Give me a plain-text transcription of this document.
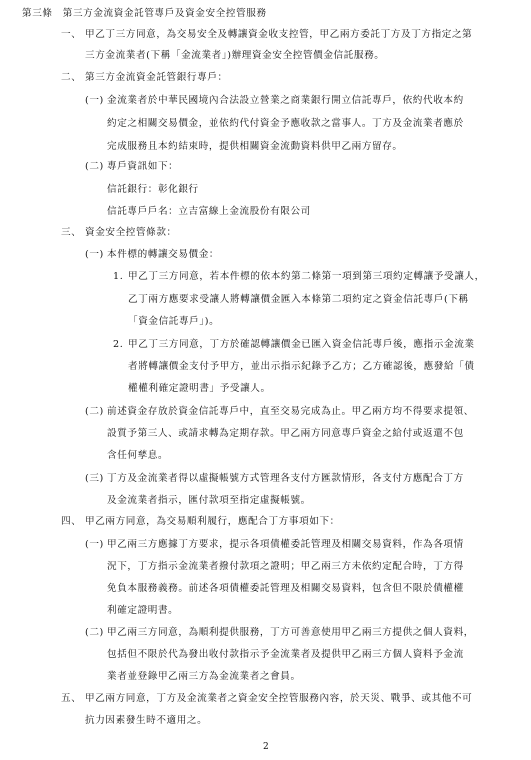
第三條　第三方金流資金託管專戶及資金安全控管服務
一、 甲乙丁三方同意，為交易安全及轉讓資金收支控管，甲乙兩方委託丁方及丁方指定之第
三方金流業者(下稱「金流業者」)辦理資金安全控管價金信託服務。
二、 第三方金流資金託管銀行專戶：
(一) 金流業者於中華民國境內合法設立營業之商業銀行開立信託專戶，依約代收本約
約定之相關交易價金，並依約代付資金予應收款之當事人。丁方及金流業者應於
完成服務且本約結束時，提供相關資金流動資料供甲乙兩方留存。
(二) 專戶資訊如下：
信託銀行：彰化銀行
信託專戶戶名：立吉富線上金流股份有限公司
三、 資金安全控管條款：
(一) 本件標的轉讓交易價金：
1. 甲乙丁三方同意，若本件標的依本約第二條第一項到第三項約定轉讓予受讓人，
乙丁兩方應要求受讓人將轉讓價金匯入本條第二項約定之資金信託專戶(下稱
「資金信託專戶」)。
2. 甲乙丁三方同意，丁方於確認轉讓價金已匯入資金信託專戶後，應指示金流業
者將轉讓價金支付予甲方，並出示指示紀錄予乙方；乙方確認後，應發給「債
權權利確定證明書」予受讓人。
(二) 前述資金存放於資金信託專戶中，直至交易完成為止。甲乙兩方均不得要求提領、
設質予第三人、或請求轉為定期存款。甲乙兩方同意專戶資金之給付或返還不包
含任何孳息。
(三) 丁方及金流業者得以虛擬帳號方式管理各支付方匯款情形，各支付方應配合丁方
及金流業者指示，匯付款項至指定虛擬帳號。
四、 甲乙兩方同意，為交易順利履行，應配合丁方事項如下：
(一) 甲乙兩三方應據丁方要求，提示各項債權委託管理及相關交易資料，作為各項情
況下，丁方指示金流業者撥付款項之證明；甲乙兩三方未依約定配合時，丁方得
免負本服務義務。前述各項債權委託管理及相關交易資料，包含但不限於債權權
利確定證明書。
(二) 甲乙兩三方同意，為順利提供服務，丁方可善意使用甲乙兩三方提供之個人資料，
包括但不限於代為發出收付款指示予金流業者及提供甲乙兩三方個人資料予金流
業者並登錄甲乙兩三方為金流業者之會員。
五、 甲乙兩方同意，丁方及金流業者之資金安全控管服務內容，於天災、戰爭、或其他不可
抗力因素發生時不適用之。
2
